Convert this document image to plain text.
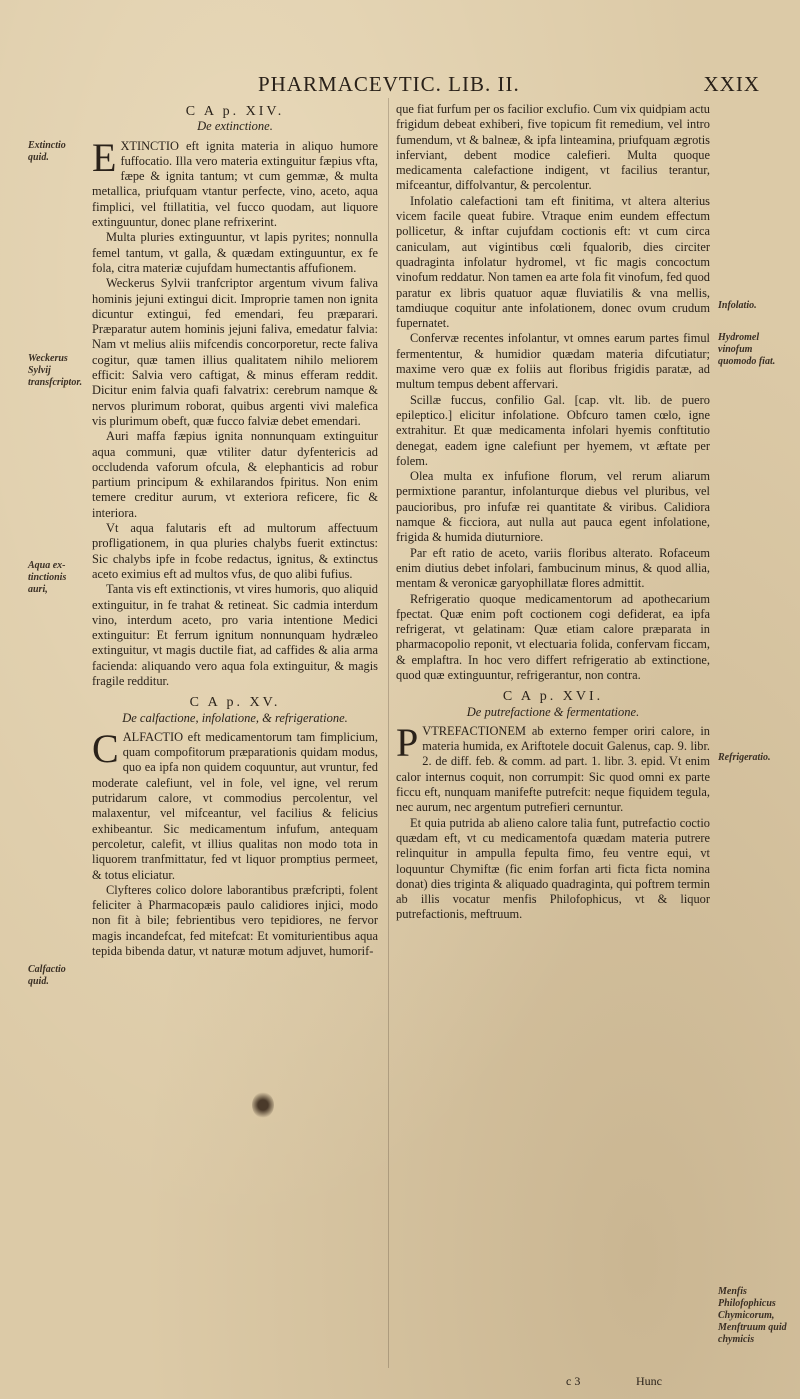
PHARMACEVTIC. LIB. II.	XXIX
Extinctio quid.
Weckerus Sylvij transfcriptor.
Aqua ex-tinctionis auri,
Calfactio quid.
Infolatio.
Hydromel vinofum quomodo fiat.
Refrigeratio.
Menfis Philofophicus Chymicorum, Menftruum quid chymicis
C A p. XIV.
De extinctione.

EXTINCTIO eft ignita materia in aliquo humore fuffocatio. Illa vero materia extinguitur fæpius vfta, fæpe & ignita tantum; vt cum gemmæ, & multa metallica, priufquam vtantur perfecte, vino, aceto, aqua fimplici, vel ftillatitia, vel fucco quodam, aut liquore extinguuntur, donec plane refrixerint.

Multa pluries extinguuntur, vt lapis pyrites; nonnulla femel tantum, vt galla, & quædam extinguuntur, ex fe fola, citra materiæ cujufdam humectantis affufionem.

Weckerus Sylvii tranfcriptor argentum vivum faliva hominis jejuni extingui dicit. Improprie tamen non ignita dicuntur extingui, fed emendari, feu præparari. Præparatur autem hominis jejuni faliva, emedatur falvia: Nam vt melius aliis mifcendis concorporetur, recte faliva cogitur, quæ tamen illius qualitatem nihilo meliorem efficit: Salvia vero caftigat, & minus efferam reddit. Dicitur enim falvia quafi falvatrix: cerebrum namque & nervos plurimum roborat, quibus argenti vivi malefica vis plurimum obeft, quæ fucco falviæ debet emendari.

Auri maffa fæpius ignita nonnunquam extinguitur aqua communi, quæ vtiliter datur dyfentericis ad occludenda vaforum ofcula, & elephanticis ad robur partium principum & exhilarandos fpiritus. Non enim temere creditur aurum, vt exteriora reficere, fic & interiora.

Vt aqua falutaris eft ad multorum affectuum profligationem, in qua pluries chalybs fuerit extinctus: Sic chalybs ipfe in fcobe redactus, ignitus, & extinctus aceto eximius eft ad multos vfus, de quo alibi fufius.

Tanta vis eft extinctionis, vt vires humoris, quo aliquid extinguitur, in fe trahat & retineat. Sic cadmia interdum vino, interdum aceto, pro varia intentione Medici extinguitur: Et ferrum ignitum nonnunquam hydræleo extinguitur, vt magis ductile fiat, ad caffides & alia arma facienda: aliquando vero aqua fola extinguitur, & magis fragile redditur.

C A p. XV.
De calfactione, infolatione, & refrigeratione.

CALFACTIO eft medicamentorum tam fimplicium, quam compofitorum præparationis quidam modus, quo ea ipfa non quidem coquuntur, aut vruntur, fed moderate calefiunt, vel in fole, vel igne, vel rerum putridarum calore, vt commodius percolentur, vel malaxentur, vel mifceantur, vel facilius & felicius exhibeantur. Sic medicamentum infufum, antequam percoletur, calefit, vt illius qualitas non modo tota in liquorem tranfmittatur, fed vt liquor promptius permeet, & totus eliciatur.

Clyfteres colico dolore laborantibus præfcripti, folent feliciter à Pharmacopæis paulo calidiores injici, modo non fit à bile; febrientibus vero tepidiores, ne fervor magis incandefcat, fed mitefcat: Et vomiturientibus aqua tepida bibenda datur, vt naturæ motum adjuvet, humorif-

que fiat furfum per os facilior exclufio. Cum vix quidpiam actu frigidum debeat exhiberi, five topicum fit remedium, vel intro fumendum, vt & balneæ, & ipfa linteamina, priufquam ægrotis inferviant, debent modice calefieri. Multa quoque medicamenta calefactione indigent, vt facilius terantur, mifceantur, diffolvantur, & percolentur.

Infolatio calefactioni tam eft finitima, vt altera alterius vicem facile queat fubire. Vtraque enim eundem effectum pollicetur, & inftar cujufdam coctionis eft: vt cum circa caniculam, aut vigintibus cœli fqualorib, dies circiter quadraginta infolatur hydromel, vt fic magis concoctum vinofum reddatur. Non tamen ea arte fola fit vinofum, fed quod paratur ex libris quatuor aquæ fluviatilis & vna mellis, tamdiuque coquitur ante infolationem, donec ovum crudum fupernatet.

Confervæ recentes infolantur, vt omnes earum partes fimul fermententur, & humidior quædam materia difcutiatur; maxime vero quæ ex foliis aut floribus frigidis paratæ, ad multum tempus debent affervari.

Scillæ fuccus, confilio Gal. [cap. vlt. lib. de puero epileptico.] elicitur infolatione. Obfcuro tamen cœlo, igne extrahitur. Et quæ medicamenta infolari hyemis conftitutio denegat, eadem igne calefiunt per hyemem, vt æftate per folem.

Olea multa ex infufione florum, vel rerum aliarum permixtione parantur, infolanturque diebus vel pluribus, vel paucioribus, pro infufæ rei quantitate & viribus. Calidiora namque & ficciora, aut nulla aut pauca egent infolatione, frigida & humida diuturniore.

Par eft ratio de aceto, variis floribus alterato. Rofaceum enim diutius debet infolari, fambucinum minus, & quod allia, mentam & veronicæ garyophillatæ flores admittit.

Refrigeratio quoque medicamentorum ad apothecarium fpectat. Quæ enim poft coctionem cogi defiderat, ea ipfa refrigerat, vt gelatinam: Quæ etiam calore præparata in pharmacopolio reponit, vt electuaria folida, confervam ficcam, & emplaftra. In hoc vero differt refrigeratio ab extinctione, quod quæ extinguuntur, refrigerantur, non contra.

C A p. XVI.
De putrefactione & fermentatione.

PVTREFACTIONEM ab externo femper oriri calore, in materia humida, ex Ariftotele docuit Galenus, cap. 9. libr. 2. de diff. feb. & comm. ad part. 1. libr. 3. epid. Vt enim calor internus coquit, non corrumpit: Sic quod omni ex parte ficcu eft, nunquam manifefte putrefcit: neque fiquidem tegula, nec aurum, nec argentum putrefieri cernuntur.

Et quia putrida ab alieno calore talia funt, putrefactio coctio quædam eft, vt cu medicamentofa quædam materia putrere relinquitur in ampulla fepulta fimo, feu ventre equi, vt loquuntur Chymiftæ (fic enim forfan arti ficta ficta nomina donat) dies triginta & aliquado quadraginta, qui poftrem termin ab illis vocatur menfis Philofophicus, vt & liquor putrefactionis, meftruum.

c 3	Hunc
